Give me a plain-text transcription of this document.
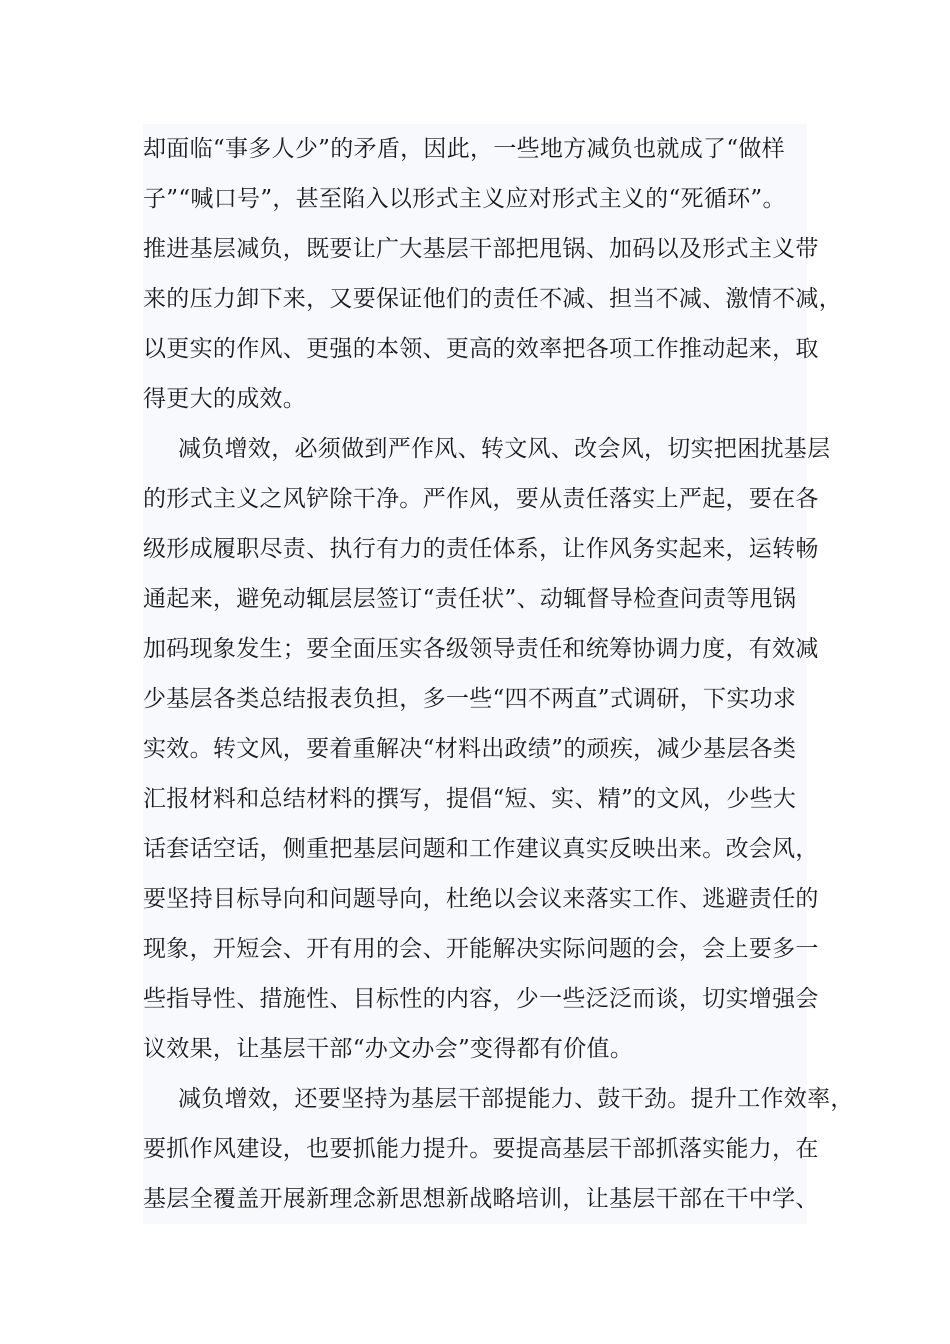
却面临“事多人少”的矛盾，因此，一些地方减负也就成了“做样
子”“喊口号”，甚至陷入以形式主义应对形式主义的“死循环”。
推进基层减负，既要让广大基层干部把甩锅、加码以及形式主义带
来的压力卸下来，又要保证他们的责任不减、担当不减、激情不减，
以更实的作风、更强的本领、更高的效率把各项工作推动起来，取
得更大的成效。
减负增效，必须做到严作风、转文风、改会风，切实把困扰基层
的形式主义之风铲除干净。严作风，要从责任落实上严起，要在各
级形成履职尽责、执行有力的责任体系，让作风务实起来，运转畅
通起来，避免动辄层层签订“责任状”、动辄督导检查问责等甩锅
加码现象发生；要全面压实各级领导责任和统筹协调力度，有效减
少基层各类总结报表负担，多一些“四不两直”式调研，下实功求
实效。转文风，要着重解决“材料出政绩”的顽疾，减少基层各类
汇报材料和总结材料的撰写，提倡“短、实、精”的文风，少些大
话套话空话，侧重把基层问题和工作建议真实反映出来。改会风，
要坚持目标导向和问题导向，杜绝以会议来落实工作、逃避责任的
现象，开短会、开有用的会、开能解决实际问题的会，会上要多一
些指导性、措施性、目标性的内容，少一些泛泛而谈，切实增强会
议效果，让基层干部“办文办会”变得都有价值。
减负增效，还要坚持为基层干部提能力、鼓干劲。提升工作效率，
要抓作风建设，也要抓能力提升。要提高基层干部抓落实能力，在
基层全覆盖开展新理念新思想新战略培训，让基层干部在干中学、
